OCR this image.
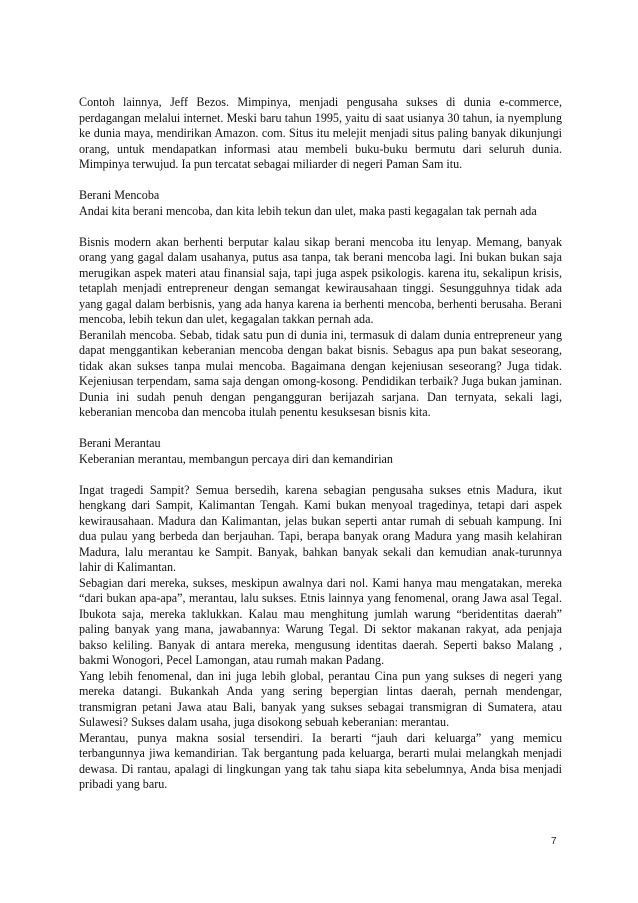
Contoh lainnya, Jeff Bezos. Mimpinya, menjadi pengusaha sukses di dunia e-commerce, perdagangan melalui internet. Meski baru tahun 1995, yaitu di saat usianya 30 tahun, ia nyemplung ke dunia maya, mendirikan Amazon. com. Situs itu melejit menjadi situs paling banyak dikunjungi orang, untuk mendapatkan informasi atau membeli buku-buku bermutu dari seluruh dunia. Mimpinya terwujud. Ia pun tercatat sebagai miliarder di negeri Paman Sam itu.

Berani Mencoba

Andai kita berani mencoba, dan kita lebih tekun dan ulet, maka pasti kegagalan tak pernah ada

Bisnis modern akan berhenti berputar kalau sikap berani mencoba itu lenyap. Memang, banyak orang yang gagal dalam usahanya, putus asa tanpa, tak berani mencoba lagi. Ini bukan bukan saja merugikan aspek materi atau finansial saja, tapi juga aspek psikologis. karena itu, sekalipun krisis, tetaplah menjadi entrepreneur dengan semangat kewirausahaan tinggi. Sesungguhnya tidak ada yang gagal dalam berbisnis, yang ada hanya karena ia berhenti mencoba, berhenti berusaha. Berani mencoba, lebih tekun dan ulet, kegagalan takkan pernah ada.

Beranilah mencoba. Sebab, tidak satu pun di dunia ini, termasuk di dalam dunia entrepreneur yang dapat menggantikan keberanian mencoba dengan bakat bisnis. Sebagus apa pun bakat seseorang, tidak akan sukses tanpa mulai mencoba. Bagaimana dengan kejeniusan seseorang? Juga tidak. Kejeniusan terpendam, sama saja dengan omong-kosong. Pendidikan terbaik? Juga bukan jaminan. Dunia ini sudah penuh dengan pengangguran berijazah sarjana. Dan ternyata, sekali lagi, keberanian mencoba dan mencoba itulah penentu kesuksesan bisnis kita.

Berani Merantau

Keberanian merantau, membangun percaya diri dan kemandirian

Ingat tragedi Sampit? Semua bersedih, karena sebagian pengusaha sukses etnis Madura, ikut hengkang dari Sampit, Kalimantan Tengah. Kami bukan menyoal tragedinya, tetapi dari aspek kewirausahaan. Madura dan Kalimantan, jelas bukan seperti antar rumah di sebuah kampung. Ini dua pulau yang berbeda dan berjauhan. Tapi, berapa banyak orang Madura yang masih kelahiran Madura, lalu merantau ke Sampit. Banyak, bahkan banyak sekali dan kemudian anak-turunnya lahir di Kalimantan.

Sebagian dari mereka, sukses, meskipun awalnya dari nol. Kami hanya mau mengatakan, mereka “dari bukan apa-apa”, merantau, lalu sukses. Etnis lainnya yang fenomenal, orang Jawa asal Tegal. Ibukota saja, mereka taklukkan. Kalau mau menghitung jumlah warung “beridentitas daerah” paling banyak yang mana, jawabannya: Warung Tegal. Di sektor makanan rakyat, ada penjaja bakso keliling. Banyak di antara mereka, mengusung identitas daerah. Seperti bakso Malang , bakmi Wonogori, Pecel Lamongan, atau rumah makan Padang.

Yang lebih fenomenal, dan ini juga lebih global, perantau Cina pun yang sukses di negeri yang mereka datangi. Bukankah Anda yang sering bepergian lintas daerah, pernah mendengar, transmigran petani Jawa atau Bali, banyak yang sukses sebagai transmigran di Sumatera, atau Sulawesi? Sukses dalam usaha, juga disokong sebuah keberanian: merantau.

Merantau, punya makna sosial tersendiri. Ia berarti “jauh dari keluarga” yang memicu terbangunnya jiwa kemandirian. Tak bergantung pada keluarga, berarti mulai melangkah menjadi dewasa. Di rantau, apalagi di lingkungan yang tak tahu siapa kita sebelumnya, Anda bisa menjadi pribadi yang baru.

7
